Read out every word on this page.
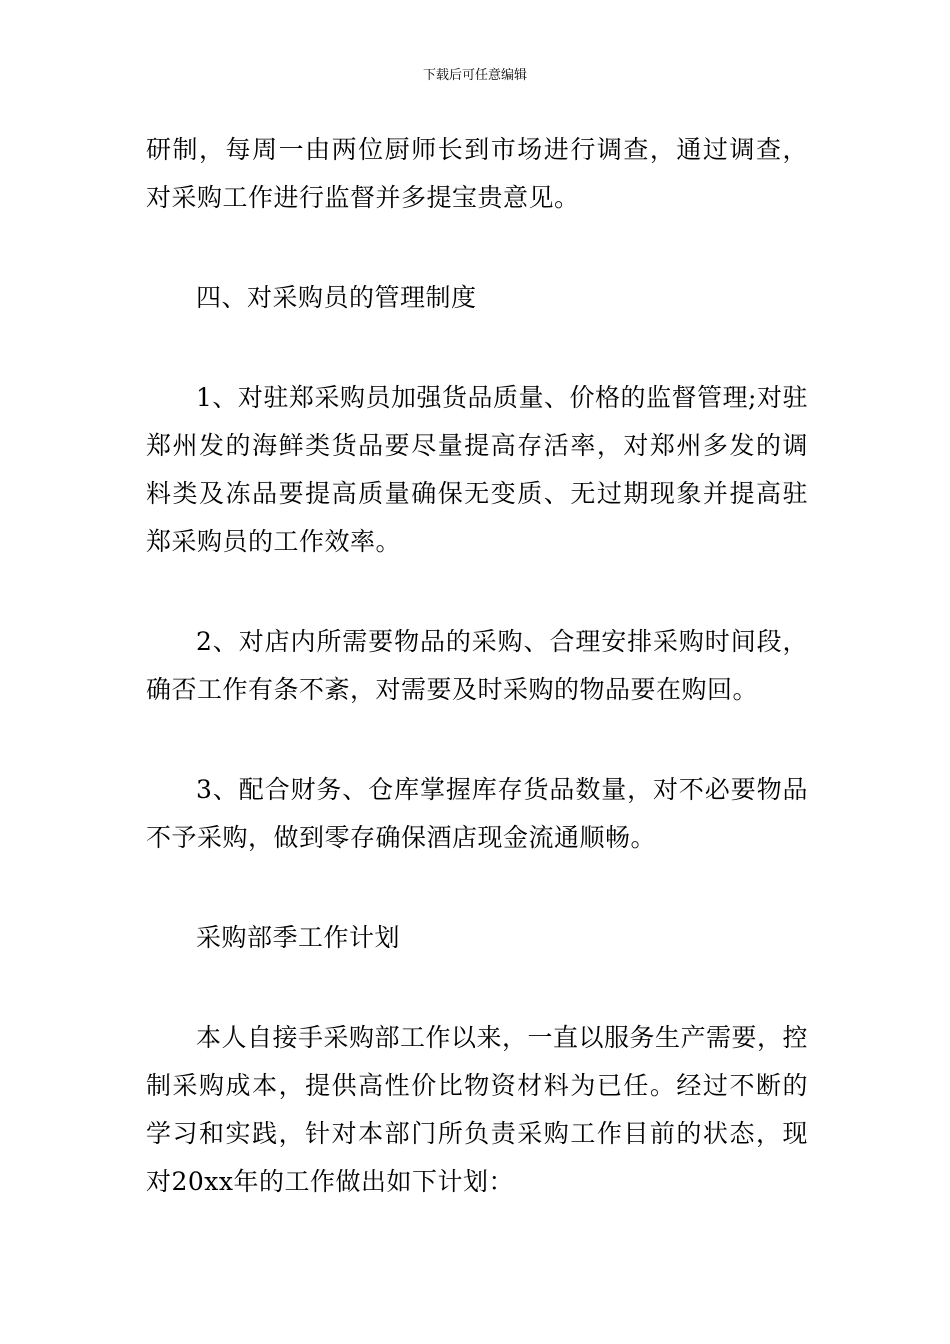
下载后可任意编辑

研制，每周一由两位厨师长到市场进行调查，通过调查，对采购工作进行监督并多提宝贵意见。

四、对采购员的管理制度

1、对驻郑采购员加强货品质量、价格的监督管理;对驻郑州发的海鲜类货品要尽量提高存活率，对郑州多发的调料类及冻品要提高质量确保无变质、无过期现象并提高驻郑采购员的工作效率。

2、对店内所需要物品的采购、合理安排采购时间段，确否工作有条不紊，对需要及时采购的物品要在购回。

3、配合财务、仓库掌握库存货品数量，对不必要物品不予采购，做到零存确保酒店现金流通顺畅。

采购部季工作计划

本人自接手采购部工作以来，一直以服务生产需要，控制采购成本，提供高性价比物资材料为已任。经过不断的学习和实践，针对本部门所负责采购工作目前的状态，现对20xx年的工作做出如下计划：
